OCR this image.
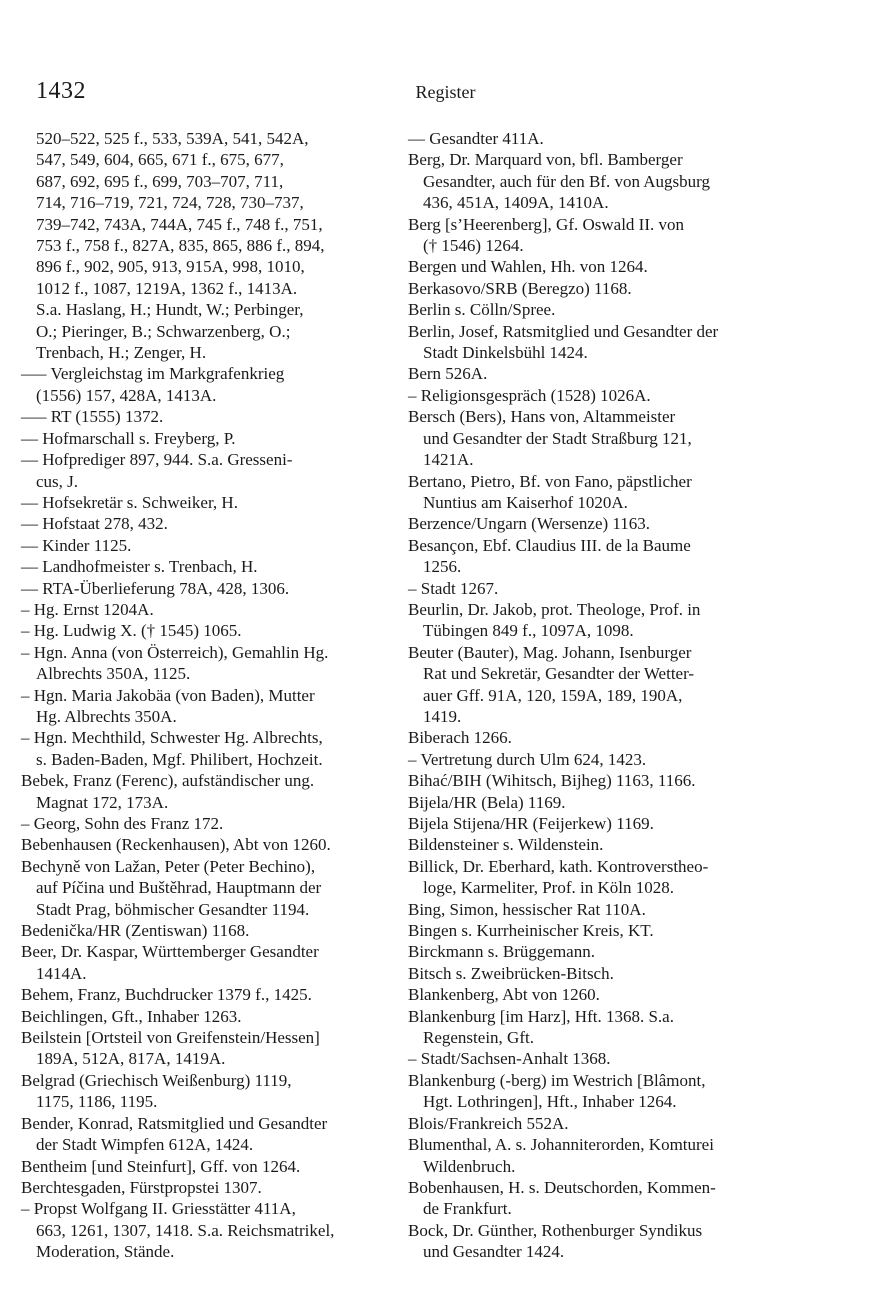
1432	Register
520–522, 525 f., 533, 539A, 541, 542A,
547, 549, 604, 665, 671 f., 675, 677,
687, 692, 695 f., 699, 703–707, 711,
714, 716–719, 721, 724, 728, 730–737,
739–742, 743A, 744A, 745 f., 748 f., 751,
753 f., 758 f., 827A, 835, 865, 886 f., 894,
896 f., 902, 905, 913, 915A, 998, 1010,
1012 f., 1087, 1219A, 1362 f., 1413A.
S.a. Haslang, H.; Hundt, W.; Perbinger,
O.; Pieringer, B.; Schwarzenberg, O.;
Trenbach, H.; Zenger, H.
––– Vergleichstag im Markgrafenkrieg
(1556) 157, 428A, 1413A.
––– RT (1555) 1372.
–– Hofmarschall s. Freyberg, P.
–– Hofprediger 897, 944. S.a. Gresseni-
cus, J.
–– Hofsekretär s. Schweiker, H.
–– Hofstaat 278, 432.
–– Kinder 1125.
–– Landhofmeister s. Trenbach, H.
–– RTA-Überlieferung 78A, 428, 1306.
– Hg. Ernst 1204A.
– Hg. Ludwig X. († 1545) 1065.
– Hgn. Anna (von Österreich), Gemahlin Hg.
Albrechts 350A, 1125.
– Hgn. Maria Jakobäa (von Baden), Mutter
Hg. Albrechts 350A.
– Hgn. Mechthild, Schwester Hg. Albrechts,
s. Baden-Baden, Mgf. Philibert, Hochzeit.
Bebek, Franz (Ferenc), aufständischer ung.
Magnat 172, 173A.
– Georg, Sohn des Franz 172.
Bebenhausen (Reckenhausen), Abt von 1260.
Bechyně von Lažan, Peter (Peter Bechino),
auf Píčina und Buštěhrad, Hauptmann der
Stadt Prag, böhmischer Gesandter 1194.
Bedenička/HR (Zentiswan) 1168.
Beer, Dr. Kaspar, Württemberger Gesandter
1414A.
Behem, Franz, Buchdrucker 1379 f., 1425.
Beichlingen, Gft., Inhaber 1263.
Beilstein [Ortsteil von Greifenstein/Hessen]
189A, 512A, 817A, 1419A.
Belgrad (Griechisch Weißenburg) 1119,
1175, 1186, 1195.
Bender, Konrad, Ratsmitglied und Gesandter
der Stadt Wimpfen 612A, 1424.
Bentheim [und Steinfurt], Gff. von 1264.
Berchtesgaden, Fürstpropstei 1307.
– Propst Wolfgang II. Griesstätter 411A,
663, 1261, 1307, 1418. S.a. Reichsmatrikel,
Moderation, Stände.
–– Gesandter 411A.
Berg, Dr. Marquard von, bfl. Bamberger
Gesandter, auch für den Bf. von Augsburg
436, 451A, 1409A, 1410A.
Berg [s’Heerenberg], Gf. Oswald II. von
(† 1546) 1264.
Bergen und Wahlen, Hh. von 1264.
Berkasovo/SRB (Beregzo) 1168.
Berlin s. Cölln/Spree.
Berlin, Josef, Ratsmitglied und Gesandter der
Stadt Dinkelsbühl 1424.
Bern 526A.
– Religionsgespräch (1528) 1026A.
Bersch (Bers), Hans von, Altammeister
und Gesandter der Stadt Straßburg 121,
1421A.
Bertano, Pietro, Bf. von Fano, päpstlicher
Nuntius am Kaiserhof 1020A.
Berzence/Ungarn (Wersenze) 1163.
Besançon, Ebf. Claudius III. de la Baume
1256.
– Stadt 1267.
Beurlin, Dr. Jakob, prot. Theologe, Prof. in
Tübingen 849 f., 1097A, 1098.
Beuter (Bauter), Mag. Johann, Isenburger
Rat und Sekretär, Gesandter der Wetter-
auer Gff. 91A, 120, 159A, 189, 190A,
1419.
Biberach 1266.
– Vertretung durch Ulm 624, 1423.
Bihać/BIH (Wihitsch, Bijheg) 1163, 1166.
Bijela/HR (Bela) 1169.
Bijela Stijena/HR (Feijerkew) 1169.
Bildensteiner s. Wildenstein.
Billick, Dr. Eberhard, kath. Kontroverstheo-
loge, Karmeliter, Prof. in Köln 1028.
Bing, Simon, hessischer Rat 110A.
Bingen s. Kurrheinischer Kreis, KT.
Birckmann s. Brüggemann.
Bitsch s. Zweibrücken-Bitsch.
Blankenberg, Abt von 1260.
Blankenburg [im Harz], Hft. 1368. S.a.
Regenstein, Gft.
– Stadt/Sachsen-Anhalt 1368.
Blankenburg (-berg) im Westrich [Blâmont,
Hgt. Lothringen], Hft., Inhaber 1264.
Blois/Frankreich 552A.
Blumenthal, A. s. Johanniterorden, Komturei
Wildenbruch.
Bobenhausen, H. s. Deutschorden, Kommen-
de Frankfurt.
Bock, Dr. Günther, Rothenburger Syndikus
und Gesandter 1424.
